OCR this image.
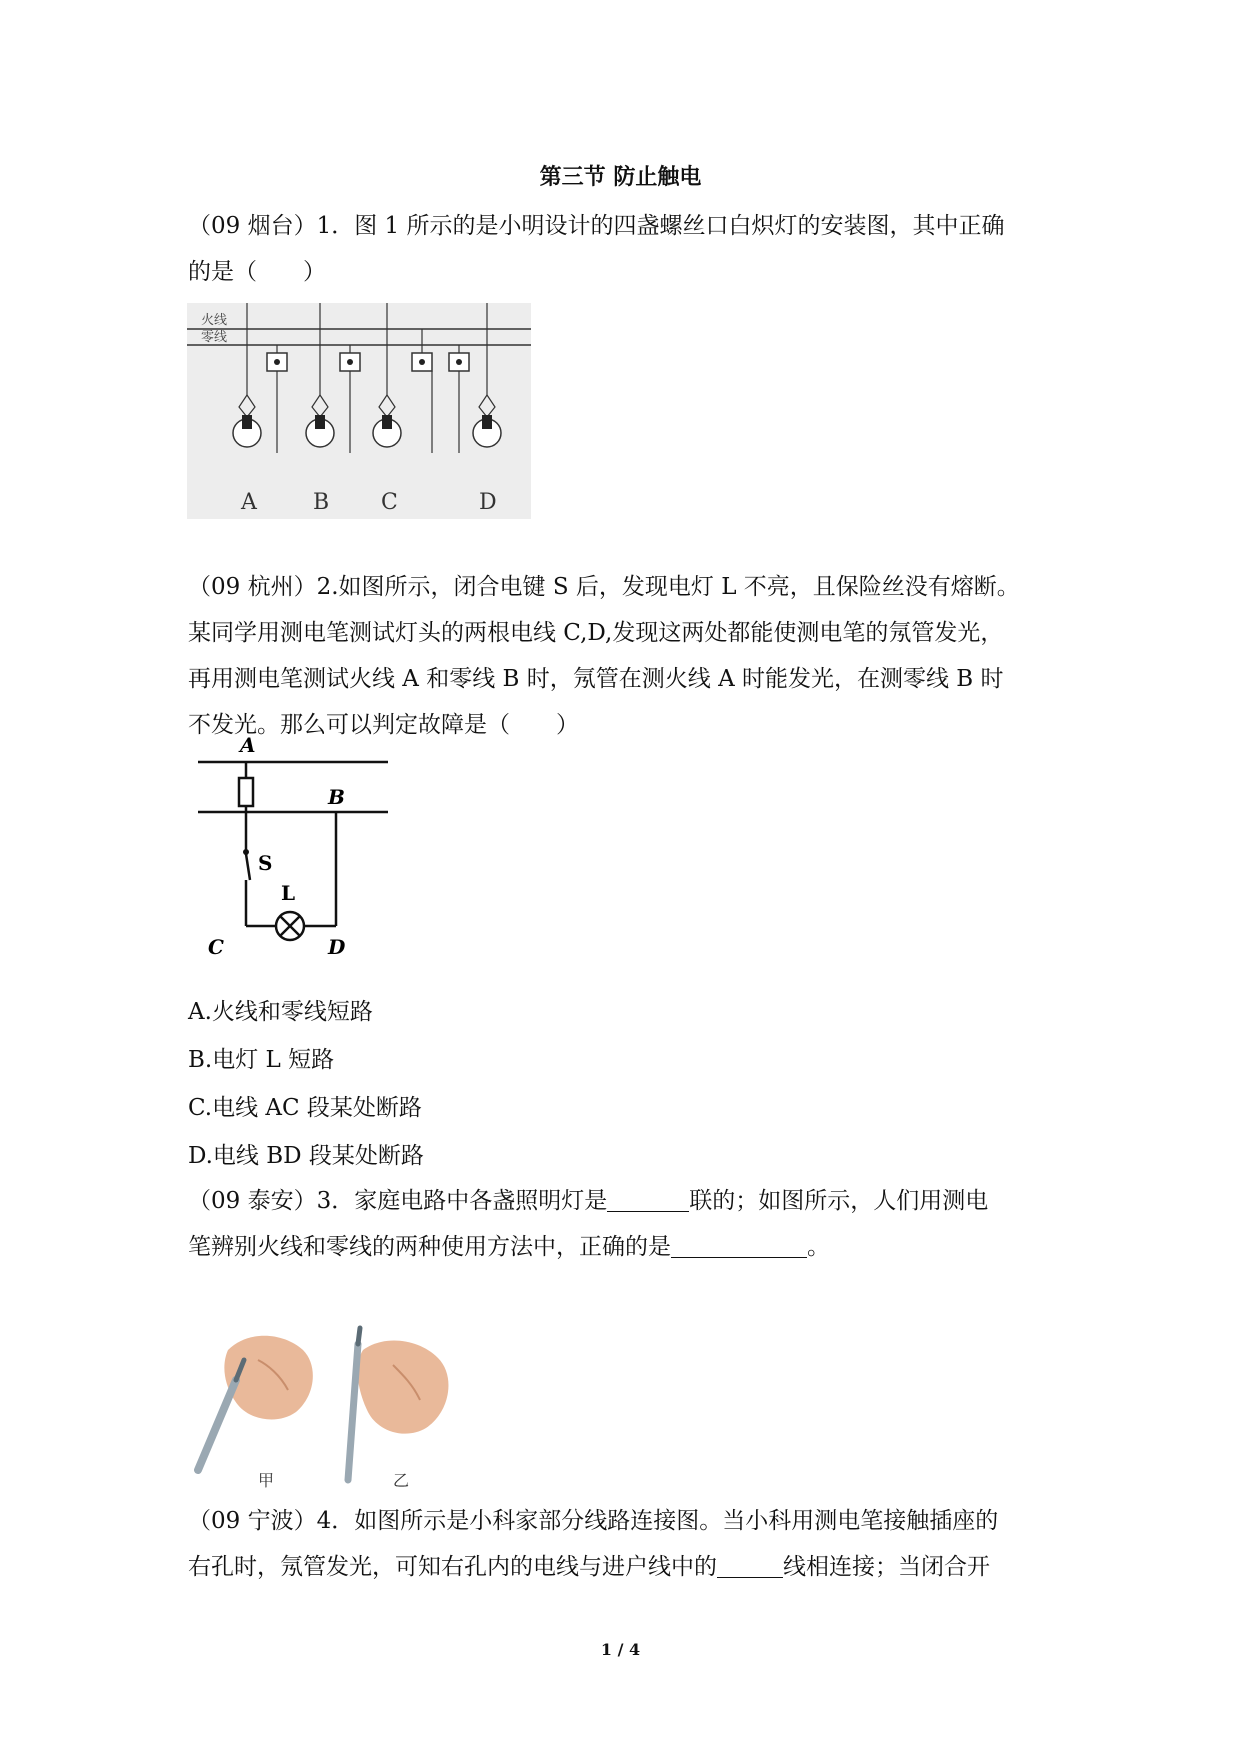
第三节 防止触电

（09 烟台）1．图 1 所示的是小明设计的四盏螺丝口白炽灯的安装图，其中正确
的是（　　）

火线
零线
A	B C	D

（09 杭州）2.如图所示，闭合电键 S 后，发现电灯 L 不亮，且保险丝没有熔断。
某同学用测电笔测试灯头的两根电线 C,D,发现这两处都能使测电笔的氖管发光，
再用测电笔测试火线 A 和零线 B 时，氖管在测火线 A 时能发光，在测零线 B 时
不发光。那么可以判定故障是（　　）

A
B
S
L
C	D

A.火线和零线短路

B.电灯 L 短路

C.电线 AC 段某处断路

D.电线 BD 段某处断路

（09 泰安）3．家庭电路中各盏照明灯是	联的；如图所示，人们用测电
笔辨别火线和零线的两种使用方法中，正确的是	。

甲	乙

（09 宁波）4．如图所示是小科家部分线路连接图。当小科用测电笔接触插座的
右孔时，氖管发光，可知右孔内的电线与进户线中的	线相连接；当闭合开

1 / 4
